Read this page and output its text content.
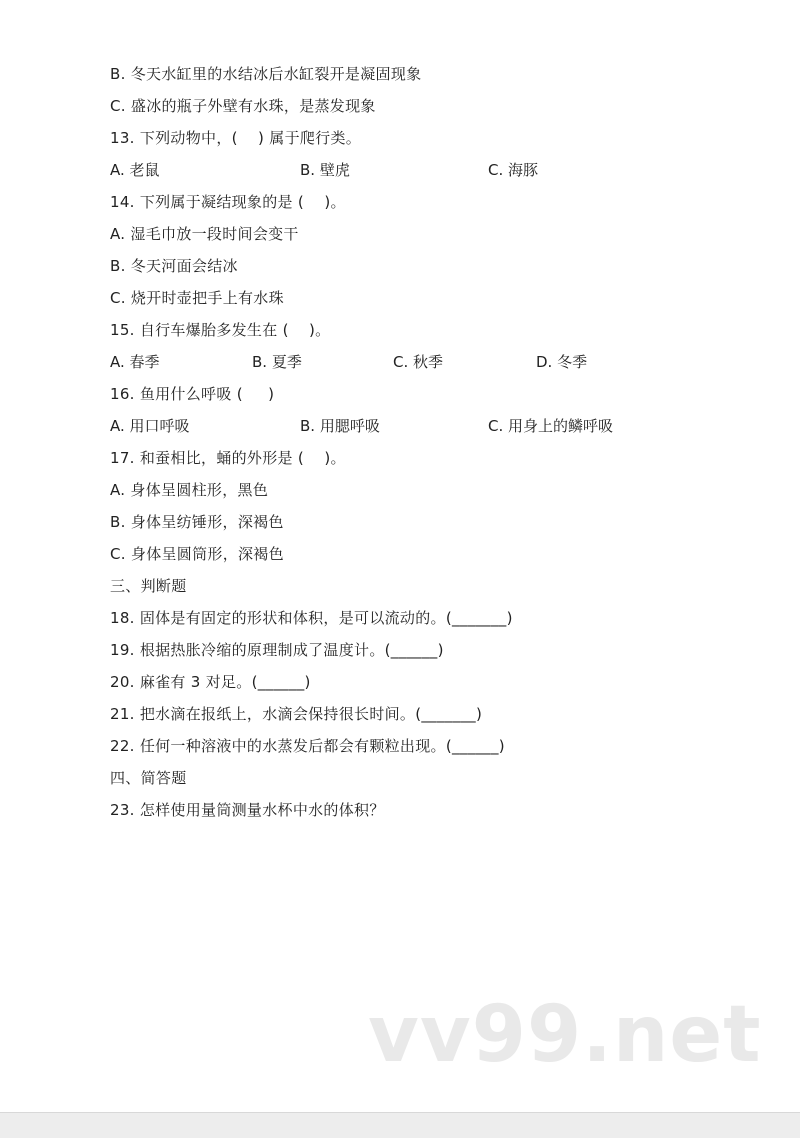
B. 冬天水缸里的水结冰后水缸裂开是凝固现象
C. 盛冰的瓶子外壁有水珠，是蒸发现象
13. 下列动物中，(    ) 属于爬行类。
A. 老鼠	B. 壁虎	C. 海豚
14. 下列属于凝结现象的是 (    )。
A. 湿毛巾放一段时间会变干
B. 冬天河面会结冰
C. 烧开时壶把手上有水珠
15. 自行车爆胎多发生在 (    )。
A. 春季	B. 夏季	C. 秋季	D. 冬季
16. 鱼用什么呼吸 (     )
A. 用口呼吸	B. 用腮呼吸	C. 用身上的鳞呼吸
17. 和蚕相比，蛹的外形是 (    )。
A. 身体呈圆柱形，黑色
B. 身体呈纺锤形，深褐色
C. 身体呈圆筒形，深褐色
三、判断题
18. 固体是有固定的形状和体积，是可以流动的。(_______)
19. 根据热胀冷缩的原理制成了温度计。(______)
20. 麻雀有 3 对足。(______)
21. 把水滴在报纸上，水滴会保持很长时间。(_______)
22. 任何一种溶液中的水蒸发后都会有颗粒出现。(______)
四、简答题
23. 怎样使用量筒测量水杯中水的体积？
vv99.net
